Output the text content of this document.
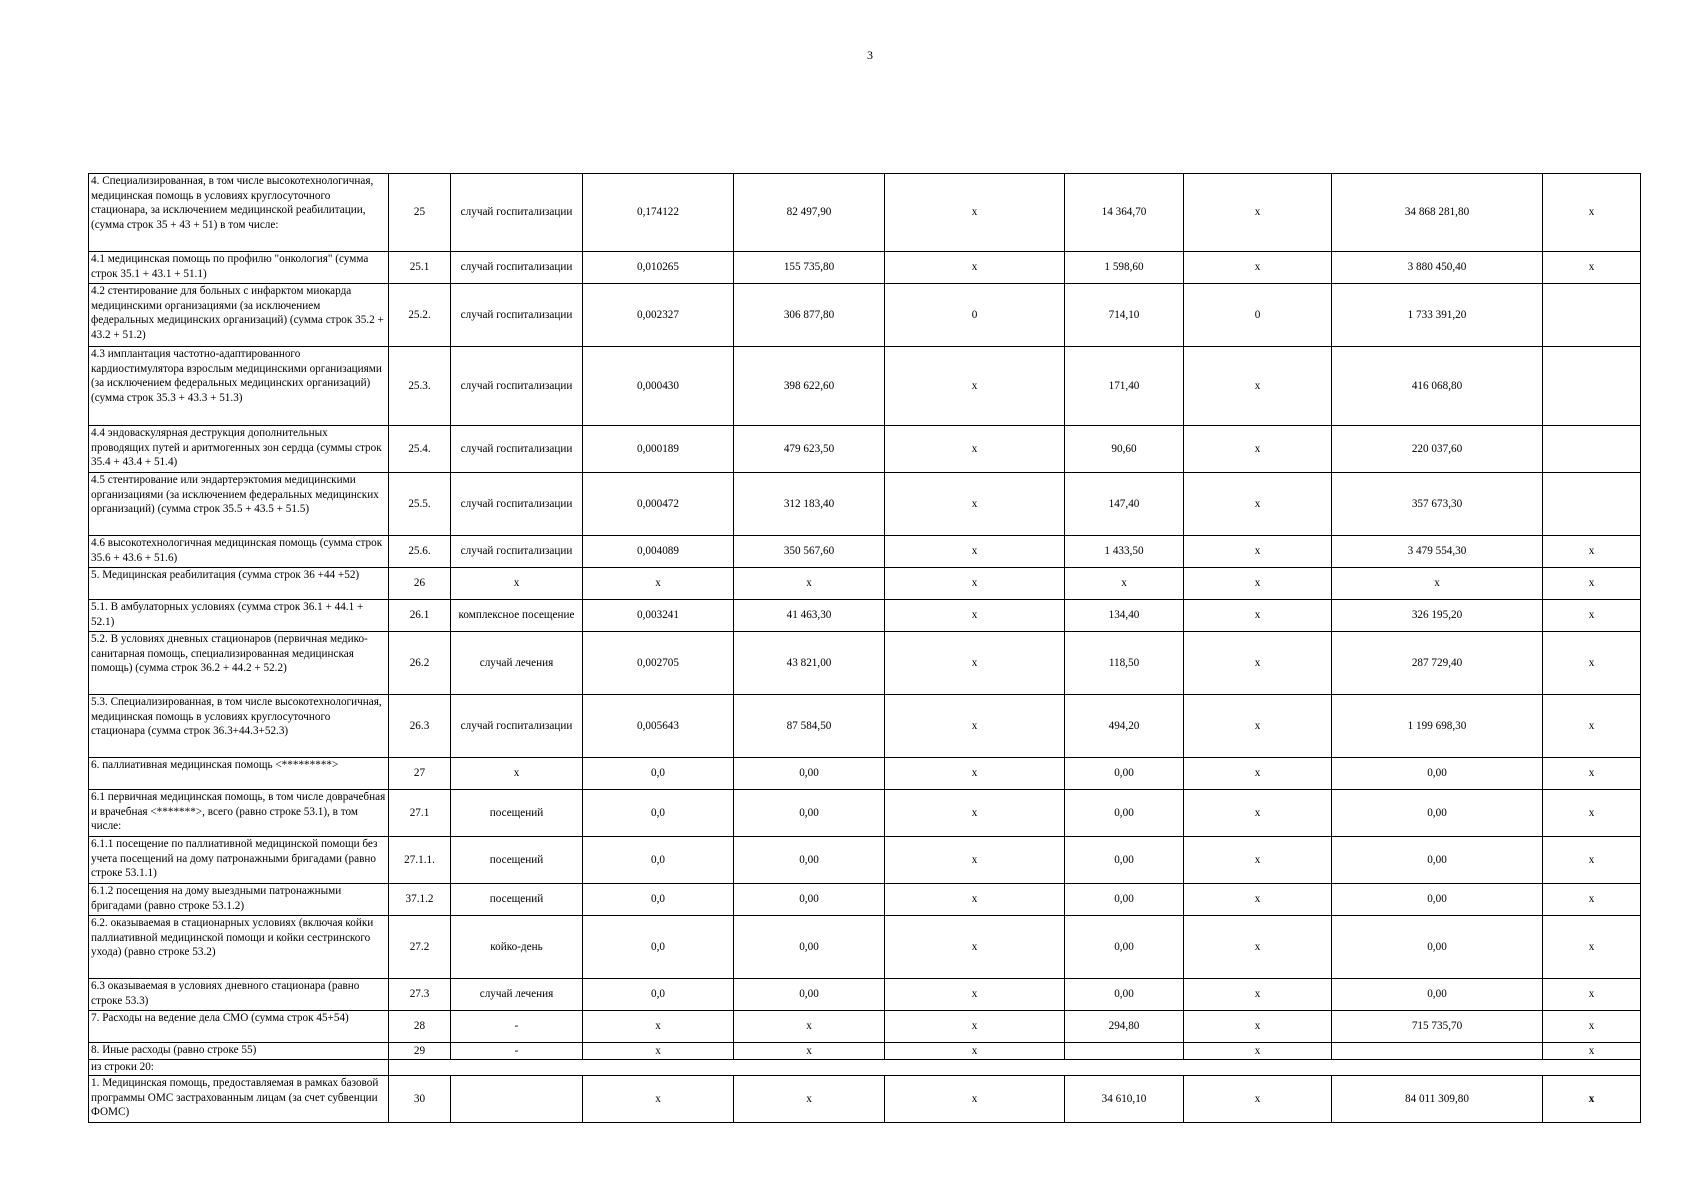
3
4. Специализированная, в том числе высокотехнологичная, медицинская помощь в условиях круглосуточного стационара, за исключением медицинской реабилитации, (сумма строк 35 + 43 + 51) в том числе:	25	случай госпитализации	0,174122	82 497,90	х	14 364,70	х	34 868 281,80	х
4.1 медицинская помощь по профилю "онкология" (сумма строк 35.1 + 43.1 + 51.1)	25.1	случай госпитализации	0,010265	155 735,80	х	1 598,60	х	3 880 450,40	х
4.2 стентирование для больных с инфарктом миокарда медицинскими организациями (за исключением федеральных медицинских организаций) (сумма строк 35.2 + 43.2 + 51.2)	25.2.	случай госпитализации	0,002327	306 877,80	0	714,10	0	1 733 391,20	
4.3 имплантация частотно-адаптированного кардиостимулятора взрослым медицинскими организациями (за исключением федеральных медицинских организаций) (сумма строк 35.3 + 43.3 + 51.3)	25.3.	случай госпитализации	0,000430	398 622,60	х	171,40	х	416 068,80	
4.4 эндоваскулярная деструкция дополнительных проводящих путей и аритмогенных зон сердца (суммы строк 35.4 + 43.4 + 51.4)	25.4.	случай госпитализации	0,000189	479 623,50	х	90,60	х	220 037,60	
4.5 стентирование или эндартерэктомия медицинскими организациями (за исключением федеральных медицинских организаций) (сумма строк 35.5 + 43.5 + 51.5)	25.5.	случай госпитализации	0,000472	312 183,40	х	147,40	х	357 673,30	
4.6 высокотехнологичная медицинская помощь (сумма строк 35.6 + 43.6 + 51.6)	25.6.	случай госпитализации	0,004089	350 567,60	х	1 433,50	х	3 479 554,30	х
5. Медицинская реабилитация (сумма строк 36 +44 +52)	26	х	х	х	х	х	х	х	х
5.1. В амбулаторных условиях (сумма строк 36.1 + 44.1 + 52.1)	26.1	комплексное посещение	0,003241	41 463,30	х	134,40	х	326 195,20	х
5.2. В условиях дневных стационаров (первичная медико-санитарная помощь, специализированная медицинская помощь) (сумма строк 36.2 + 44.2 + 52.2)	26.2	случай лечения	0,002705	43 821,00	х	118,50	х	287 729,40	х
5.3. Специализированная, в том числе высокотехнологичная, медицинская помощь в условиях круглосуточного стационара (сумма строк 36.3+44.3+52.3)	26.3	случай госпитализации	0,005643	87 584,50	х	494,20	х	1 199 698,30	х
6. паллиативная медицинская помощь <*********>	27	х	0,0	0,00	х	0,00	х	0,00	х
6.1 первичная медицинская помощь, в том числе доврачебная и врачебная <*******>, всего (равно строке 53.1), в том числе:	27.1	посещений	0,0	0,00	х	0,00	х	0,00	х
6.1.1 посещение по паллиативной медицинской помощи без учета посещений на дому патронажными бригадами (равно строке 53.1.1)	27.1.1.	посещений	0,0	0,00	х	0,00	х	0,00	х
6.1.2 посещения на дому выездными патронажными бригадами (равно строке 53.1.2)	37.1.2	посещений	0,0	0,00	х	0,00	х	0,00	х
6.2. оказываемая в стационарных условиях (включая койки паллиативной медицинской помощи и койки сестринского ухода) (равно строке 53.2)	27.2	койко-день	0,0	0,00	х	0,00	х	0,00	х
6.3 оказываемая в условиях дневного стационара (равно строке 53.3)	27.3	случай лечения	0,0	0,00	х	0,00	х	0,00	х
7. Расходы на ведение дела СМО (сумма строк 45+54)	28	-	х	х	х	294,80	х	715 735,70	х
8. Иные расходы (равно строке 55)	29	-	х	х	х		х		х
из строки 20:									
1. Медицинская помощь, предоставляемая в рамках базовой программы ОМС застрахованным лицам (за счет субвенции ФОМС)	30		х	х	х	34 610,10	х	84 011 309,80	х
